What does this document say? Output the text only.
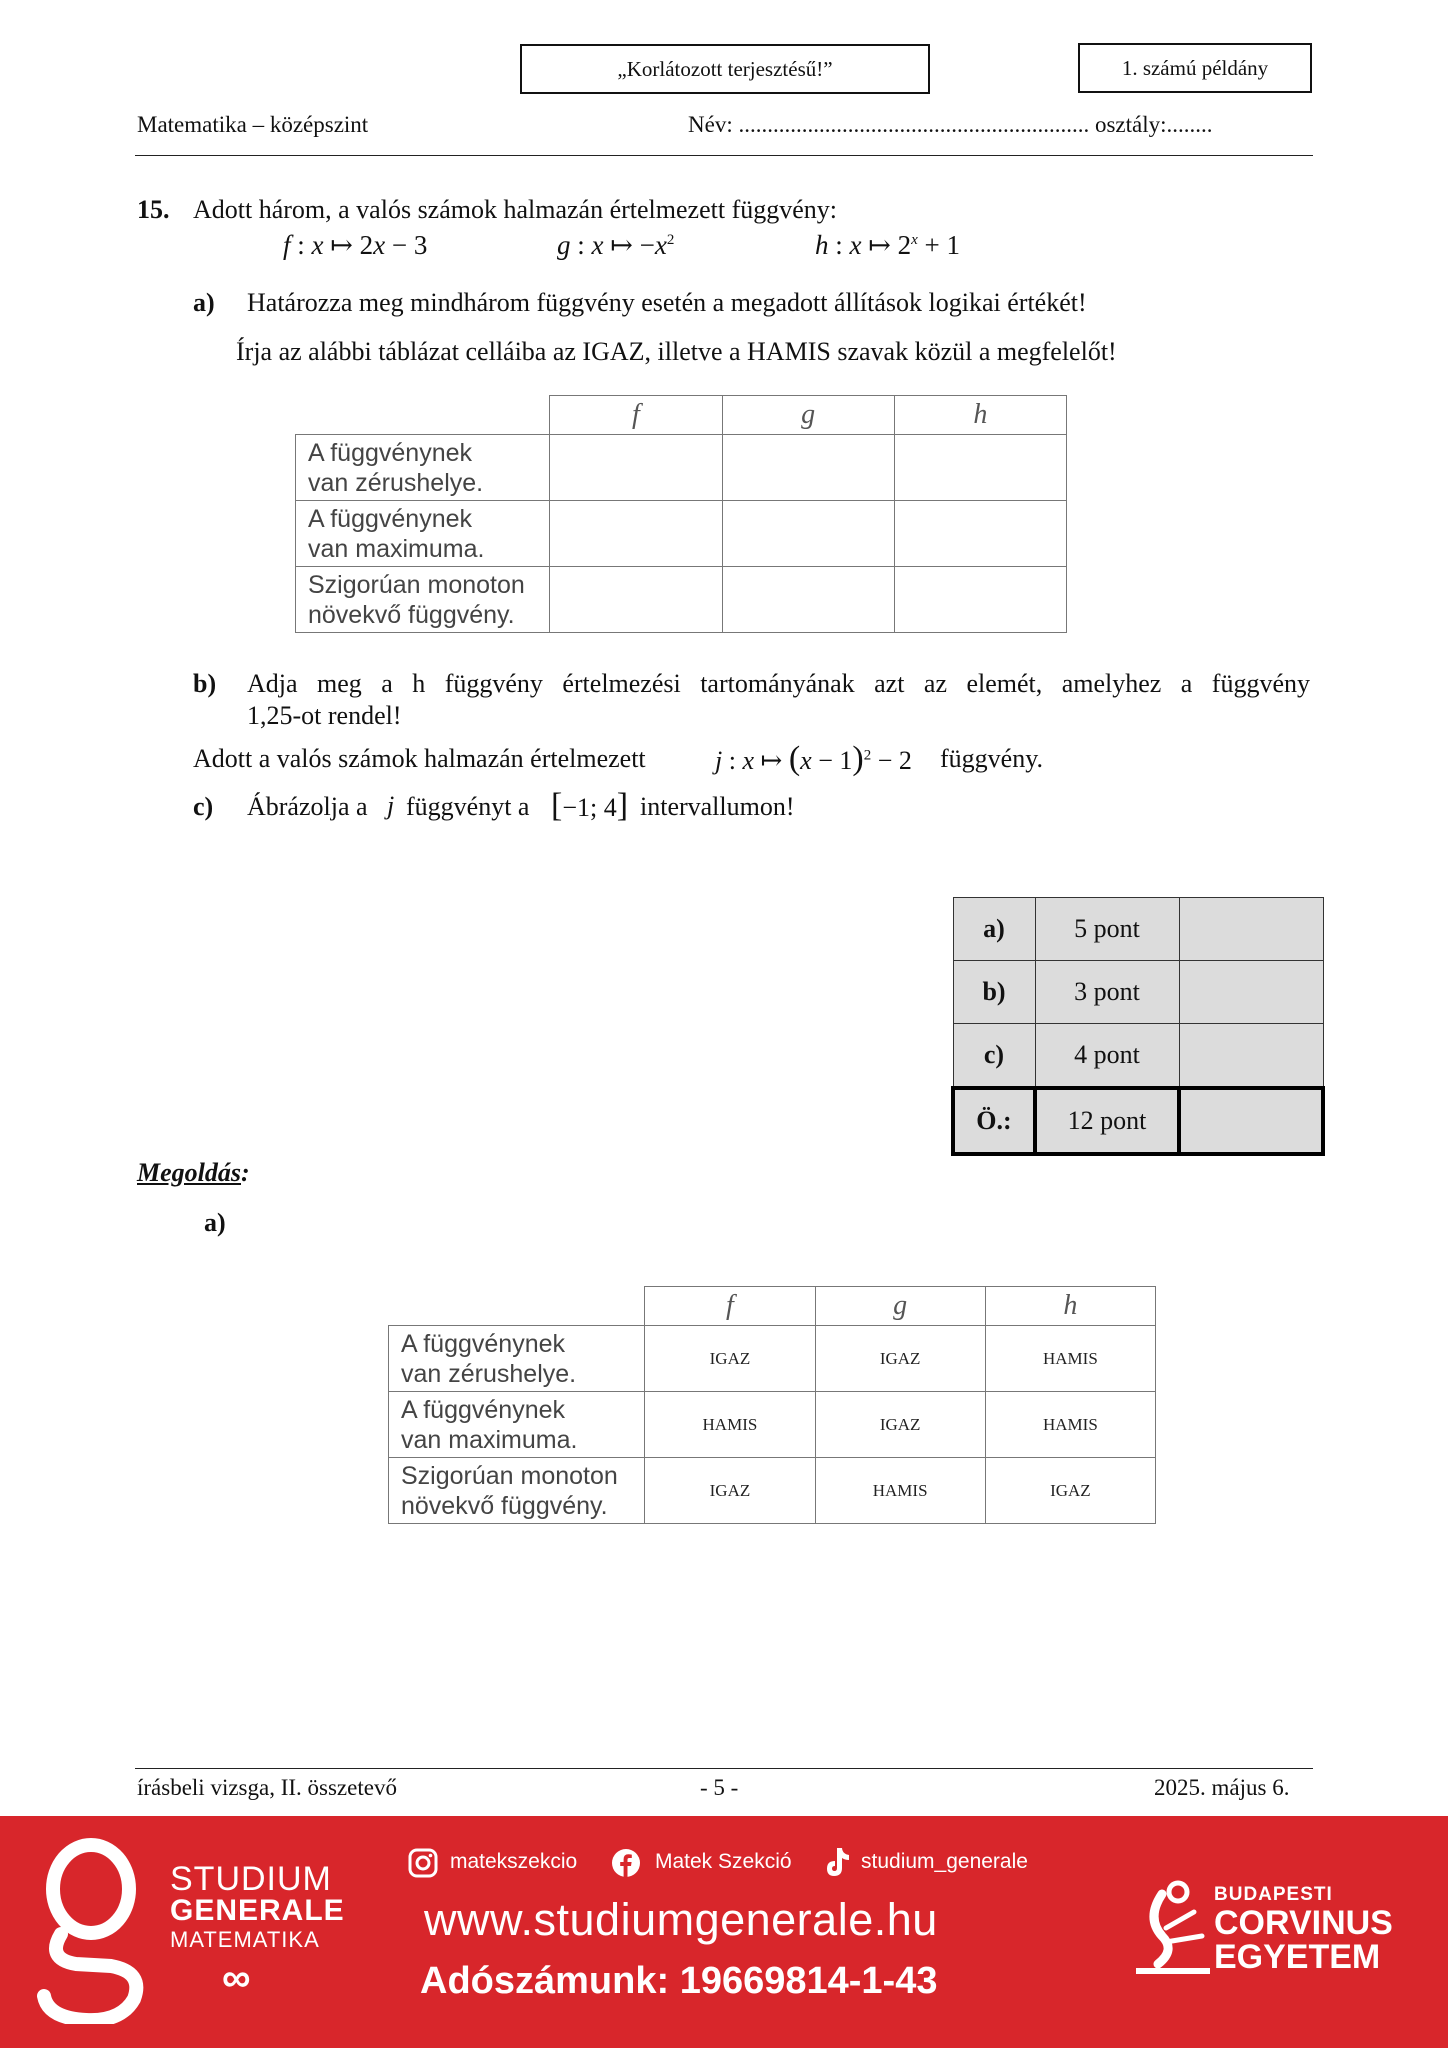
„Korlátozott terjesztésű!”	1. számú példány
Matematika – középszint	Név: ............................................................. osztály:........
15. Adott három, a valós számok halmazán értelmezett függvény:
f : x ↦ 2x − 3	g : x ↦ $-x^2$	h : x ↦ $2^x + 1$
a) Határozza meg mindhárom függvény esetén a megadott állítások logikai értékét!
Írja az alábbi táblázat celláiba az IGAZ, illetve a HAMIS szavak közül a megfelelőt!
	f	g	h
A függvénynek
van zérushelye.			
A függvénynek
van maximuma.			
Szigorúan monoton
növekvő függvény.			
b) Adja meg a h függvény értelmezési tartományának azt az elemét, amelyhez a függvény
1,25-ot rendel!
Adott a valós számok halmazán értelmezett	j : x ↦ $(x - 1)^2 - 2$ függvény.
c) Ábrázolja a j függvényt a [−1; 4] intervallumon!
a)	5 pont	
b)	3 pont	
c)	4 pont	
Ö.:	12 pont	
Megoldás:
a)
	f	g	h
A függvénynek
van zérushelye.	IGAZ	IGAZ	HAMIS
A függvénynek
van maximuma.	HAMIS	IGAZ	HAMIS
Szigorúan monoton
növekvő függvény.	IGAZ	HAMIS	IGAZ
írásbeli vizsga, II. összetevő	- 5 -	2025. május 6.
STUDIUM
GENERALE
MATEMATIKA
∞
matekszekcio	Matek Szekció	studium_generale
www.studiumgenerale.hu
Adószámunk: 19669814-1-43
BUDAPESTI
CORVINUS
EGYETEM
